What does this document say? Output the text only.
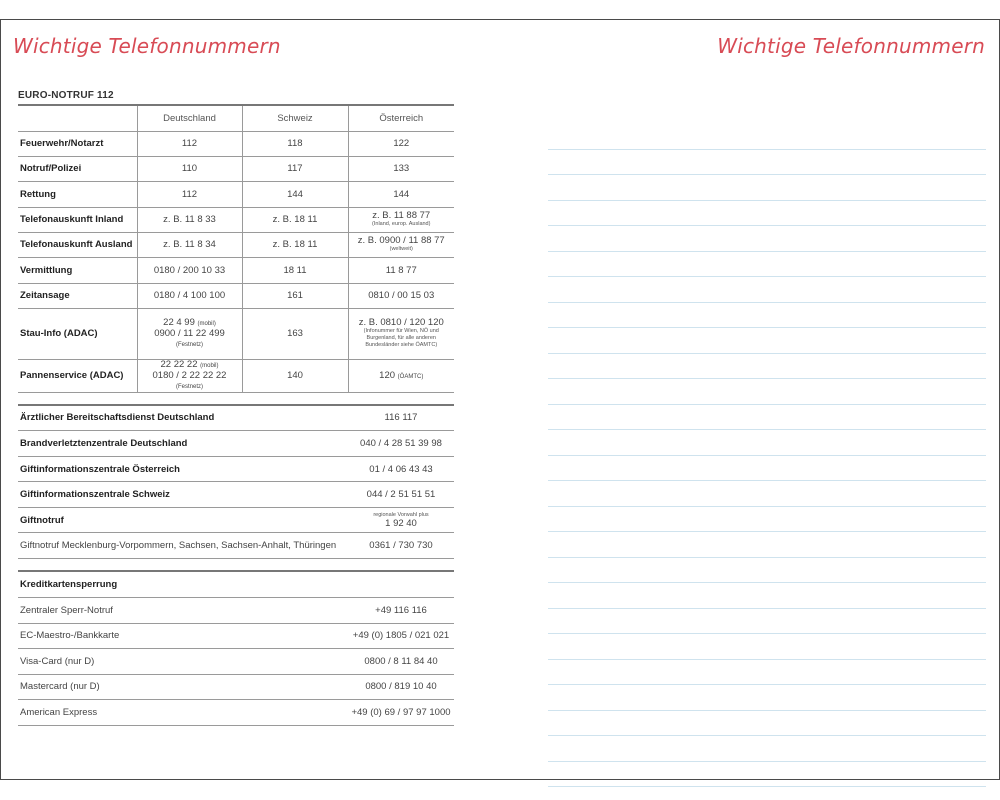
Wichtige Telefonnummern	Wichtige Telefonnummern
EURO-NOTRUF 112
	Deutschland	Schweiz	Österreich
Feuerwehr/Notarzt	112	118	122
Notruf/Polizei	110	117	133
Rettung	112	144	144
Telefonauskunft Inland	z. B. 11 8 33	z. B. 18 11	z. B. 11 88 77
(Inland, europ. Ausland)

Telefonauskunft Ausland	z. B. 11 8 34	z. B. 18 11	z. B. 0900 / 11 88 77
(weltweit)

Vermittlung	0180 / 200 10 33	18 11	11 8 77
Zeitansage	0180 / 4 100 100	161	0810 / 00 15 03
Stau-Info (ADAC)	22 4 99 (mobil)
0900 / 11 22 499 (Festnetz)	163	z. B. 0810 / 120 120
(Infonummer für Wien, NÖ und Burgenland, für alle anderen Bundesländer siehe ÖAMTC)

Pannenservice (ADAC)	22 22 22 (mobil)
0180 / 2 22 22 22 (Festnetz)	140	120 (ÖAMTC)
Ärztlicher Bereitschaftsdienst Deutschland	116 117
Brandverletztenzentrale Deutschland	040 / 4 28 51 39 98
Giftinformationszentrale Österreich	01 / 4 06 43 43
Giftinformationszentrale Schweiz	044 / 2 51 51 51
Giftnotruf	regionale Vorwahl plus
1 92 40

Giftnotruf Mecklenburg-Vorpommern, Sachsen, Sachsen-Anhalt, Thüringen	0361 / 730 730
Kreditkartensperrung	
Zentraler Sperr-Notruf	+49 116 116
EC-Maestro-/Bankkarte	+49 (0) 1805 / 021 021
Visa-Card (nur D)	0800 / 8 11 84 40
Mastercard (nur D)	0800 / 819 10 40
American Express	+49 (0) 69 / 97 97 1000
